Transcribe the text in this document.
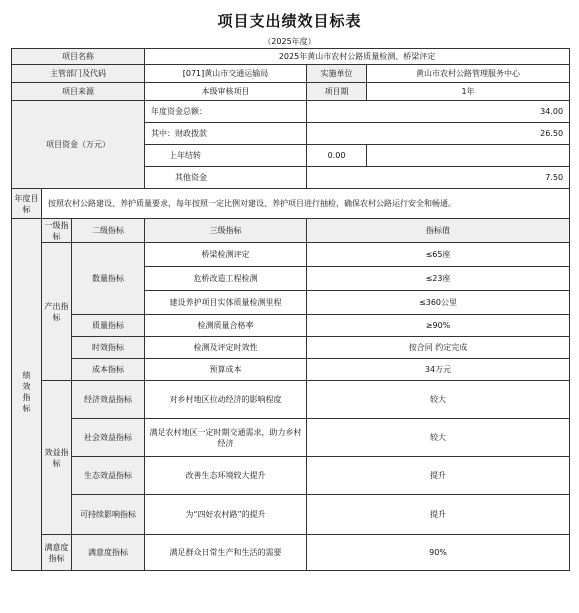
项目支出绩效目标表
（2025年度）
项目名称			2025年黄山市农村公路质量检测、桥梁评定		
主管部门及代码			[071]黄山市交通运输局	实施单位	黄山市农村公路管理服务中心
项目来源			本级审核项目	项目期	1年
项目资金（万元）			年度资金总额：	34.00	
			其中：财政拨款	26.50	
			上年结转	0.00	
			其他资金	7.50	
年度目标	按照农村公路建设、养护质量要求，每年按照一定比例对建设、养护项目进行抽检，确保农村公路运行安全和畅通。				
绩效指标	一级指标	二级指标	三级指标	指标值	
	产出指标	数量指标	桥梁检测评定	≤65座	
			危桥改造工程检测	≤23座	
			建设养护项目实体质量检测里程	≤360公里	
		质量指标	检测质量合格率	≥90%	
		时效指标	检测及评定时效性	按合同 约定完成	
		成本指标	预算成本	34万元	
	效益指标	经济效益指标	对乡村地区拉动经济的影响程度	较大	

		社会效益指标	满足农村地区一定时期交通需求，助力乡村经济	较大	
		生态效益指标	改善生态环境较大提升	提升	
		可持续影响指标	为“四好农村路”的提升	提升	

	满意度指标	满意度指标	满足群众日常生产和生活的需要	90%	
